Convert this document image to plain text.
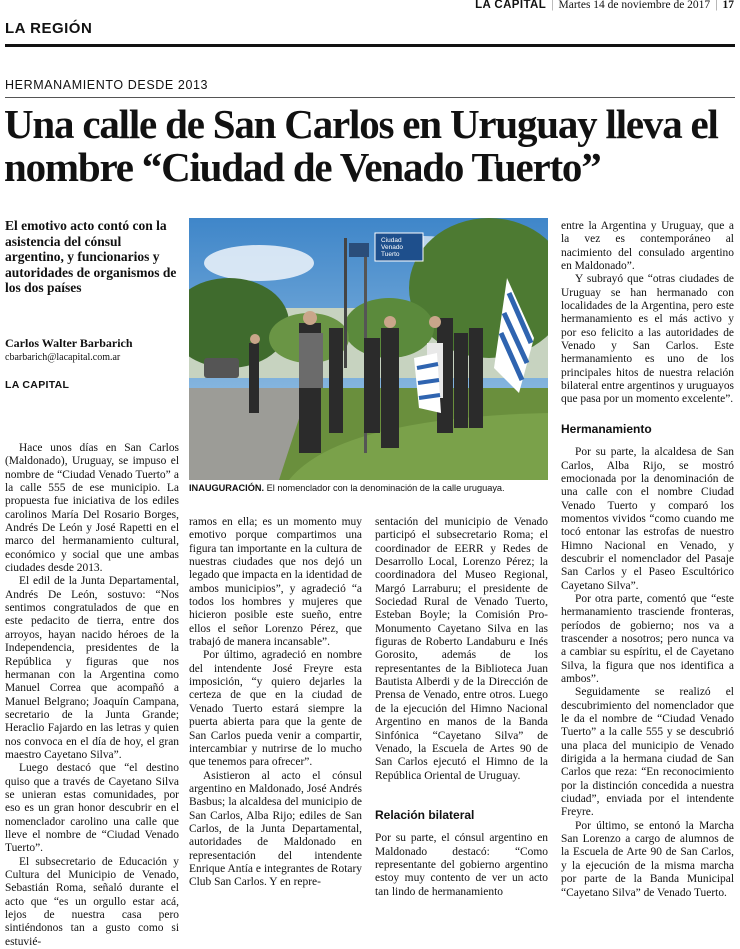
LA REGIÓN
LA CAPITAL | Martes 14 de noviembre de 2017 | 17
HERMANAMIENTO DESDE 2013
Una calle de San Carlos en Uruguay lleva el nombre “Ciudad de Venado Tuerto”
El emotivo acto contó con la asistencia del cónsul argentino, y funcionarios y autoridades de organismos de los dos países
Carlos Walter Barbarich
cbarbarich@lacapital.com.ar
LA CAPITAL
Ciudad
Venado
Tuerto
INAUGURACIÓN. El nomenclador con la denominación de la calle uruguaya.

Hace unos días en San Carlos (Maldonado), Uruguay, se impuso el nombre de “Ciudad Venado Tuerto” a la calle 555 de ese municipio. La propuesta fue iniciativa de los ediles carolinos María Del Rosario Borges, Andrés De León y José Rapetti en el marco del hermanamiento cultural, económico y social que une ambas ciudades desde 2013.

El edil de la Junta Departamental, Andrés De León, sostuvo: “Nos sentimos congratulados de que en este pedacito de tierra, entre dos arroyos, hayan nacido héroes de la Independencia, presidentes de la República y figuras que nos hermanan con la Argentina como Manuel Correa que acompañó a Manuel Belgrano; Joaquín Campana, secretario de la Junta Grande; Heraclio Fajardo en las letras y quien nos convoca en el día de hoy, el gran maestro Cayetano Silva”.

Luego destacó que “el destino quiso que a través de Cayetano Silva se unieran estas comunidades, por eso es un gran honor descubrir en el nomenclador carolino una calle que lleve el nombre de “Ciudad Venado Tuerto”.

El subsecretario de Educación y Cultura del Municipio de Venado, Sebastián Roma, señaló durante el acto que “es un orgullo estar acá, lejos de nuestra casa pero sintiéndonos tan a gusto como si estuvié-

ramos en ella; es un momento muy emotivo porque compartimos una figura tan importante en la cultura de nuestras ciudades que nos dejó un legado que impacta en la identidad de ambos municipios”, y agradeció “a todos los hombres y mujeres que hicieron posible este sueño, entre ellos el señor Lorenzo Pérez, que trabajó de manera incansable”.

Por último, agradeció en nombre del intendente José Freyre esta imposición, “y quiero dejarles la certeza de que en la ciudad de Venado Tuerto estará siempre la puerta abierta para que la gente de San Carlos pueda venir a compartir, intercambiar y nutrirse de lo mucho que tenemos para ofrecer”.

Asistieron al acto el cónsul argentino en Maldonado, José Andrés Basbus; la alcaldesa del municipio de San Carlos, Alba Rijo; ediles de San Carlos, de la Junta Departamental, autoridades de Maldonado en representación del intendente Enrique Antía e integrantes de Rotary Club San Carlos. Y en repre-

sentación del municipio de Venado participó el subsecretario Roma; el coordinador de EERR y Redes de Desarrollo Local, Lorenzo Pérez; la coordinadora del Museo Regional, Margó Larraburu; el presidente de Sociedad Rural de Venado Tuerto, Esteban Boyle; la Comisión Pro-Monumento Cayetano Silva en las figuras de Roberto Landaburu e Inés Gorosito, además de los representantes de la Biblioteca Juan Bautista Alberdi y de la Dirección de Prensa de Venado, entre otros. Luego de la ejecución del Himno Nacional Argentino en manos de la Banda Sinfónica “Cayetano Silva” de Venado, la Escuela de Artes 90 de San Carlos ejecutó el Himno de la República Oriental de Uruguay.

Relación bilateral

Por su parte, el cónsul argentino en Maldonado destacó: “Como representante del gobierno argentino estoy muy contento de ver un acto tan lindo de hermanamiento

entre la Argentina y Uruguay, que a la vez es contemporáneo al nacimiento del consulado argentino en Maldonado”.

Y subrayó que “otras ciudades de Uruguay se han hermanado con localidades de la Argentina, pero este hermanamiento es el más activo y por eso felicito a las autoridades de Venado y San Carlos. Este hermanamiento es uno de los principales hitos de nuestra relación bilateral entre argentinos y uruguayos que pasa por un momento excelente”.

Hermanamiento

Por su parte, la alcaldesa de San Carlos, Alba Rijo, se mostró emocionada por la denominación de una calle con el nombre Ciudad Venado Tuerto y comparó los momentos vividos “como cuando me tocó entonar las estrofas de nuestro Himno Nacional en Venado, y descubrir el nomenclador del Pasaje San Carlos y el Paseo Escultórico Cayetano Silva”.

Por otra parte, comentó que “este hermanamiento trasciende fronteras, períodos de gobierno; nos va a trascender a nosotros; pero nunca va a cambiar su espíritu, el de Cayetano Silva, la figura que nos identifica a ambos”.

Seguidamente se realizó el descubrimiento del nomenclador que le da el nombre de “Ciudad Venado Tuerto” a la calle 555 y se descubrió una placa del municipio de Venado dirigida a la hermana ciudad de San Carlos que reza: “En reconocimiento por la distinción concedida a nuestra ciudad”, enviada por el intendente Freyre.

Por último, se entonó la Marcha San Lorenzo a cargo de alumnos de la Escuela de Arte 90 de San Carlos, y la ejecución de la misma marcha por parte de la Banda Municipal “Cayetano Silva” de Venado Tuerto.
